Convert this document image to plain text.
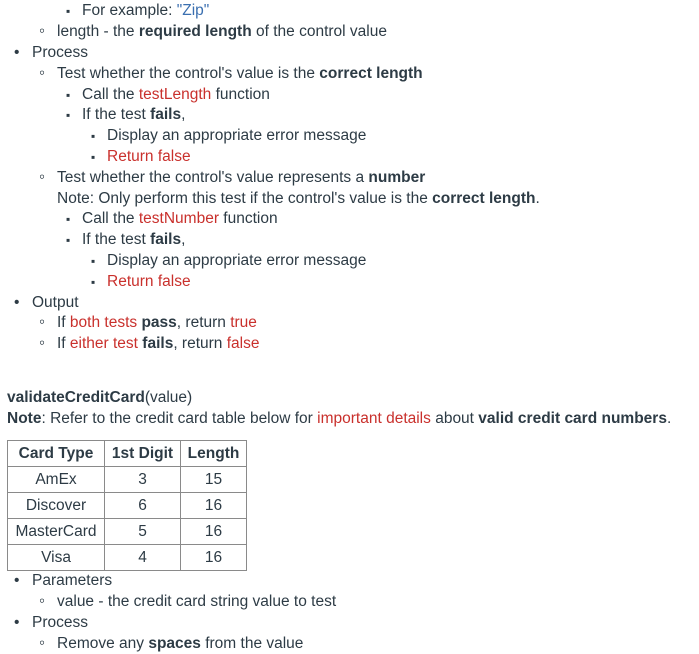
▪ For example: "Zip"
◦ length - the required length of the control value
• Process
◦ Test whether the control's value is the correct length
▪ Call the testLength function
▪ If the test fails,
▪ Display an appropriate error message
▪ Return false
◦ Test whether the control's value represents a number
Note: Only perform this test if the control's value is the correct length.
▪ Call the testNumber function
▪ If the test fails,
▪ Display an appropriate error message
▪ Return false
• Output
◦ If both tests pass, return true
◦ If either test fails, return false
validateCreditCard(value)
Note: Refer to the credit card table below for important details about valid credit card numbers.
Card Type	1st Digit	Length
AmEx	3	15
Discover	6	16
MasterCard	5	16
Visa	4	16
• Parameters
◦ value - the credit card string value to test
• Process
◦ Remove any spaces from the value
